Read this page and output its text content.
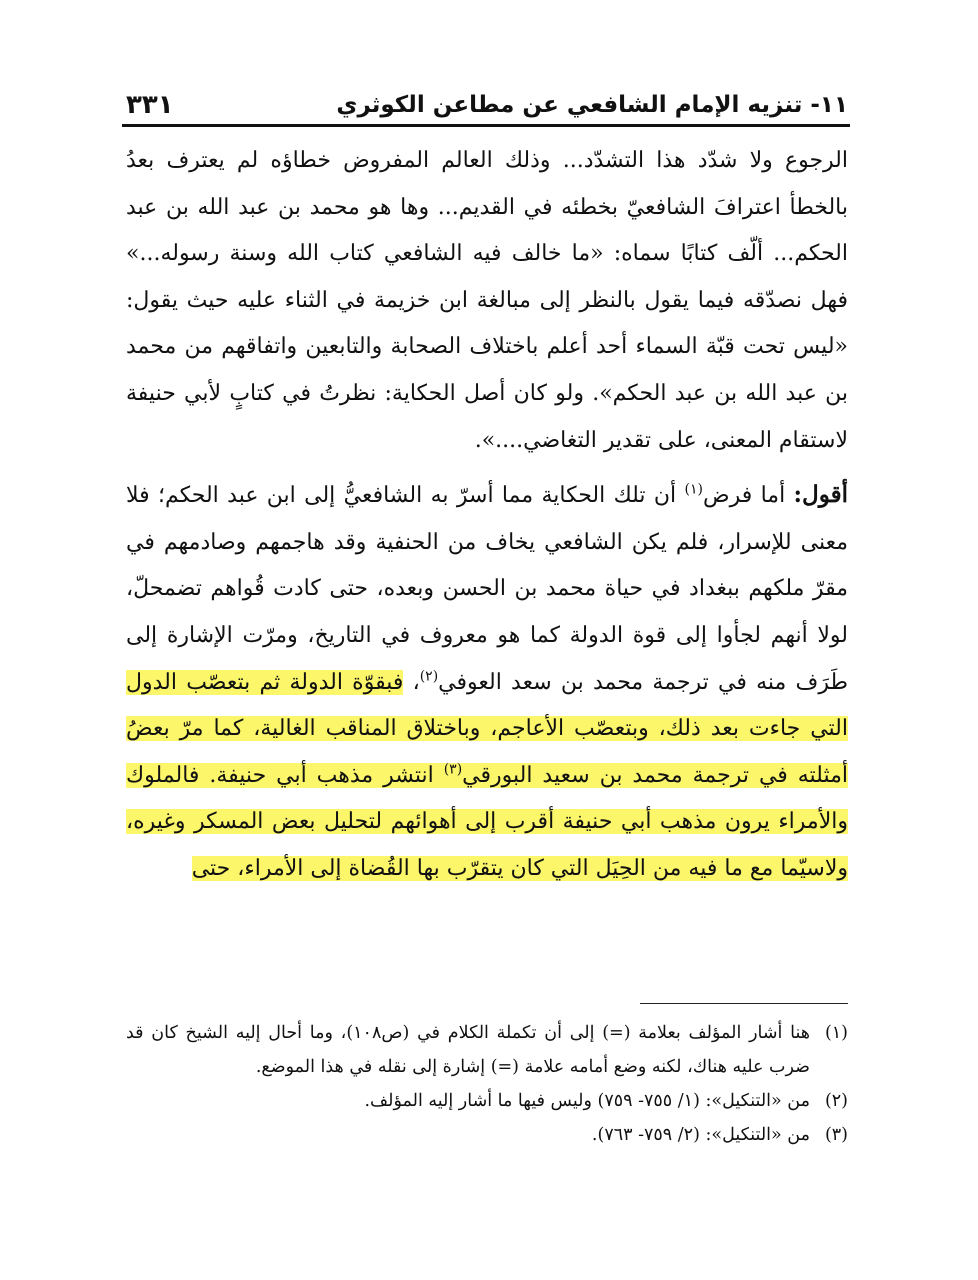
١١- تنزيه الإمام الشافعي عن مطاعن الكوثري
٣٣١

الرجوع ولا شدّد هذا التشدّد... وذلك العالم المفروض خطاؤه لم يعترف بعدُ بالخطأ اعترافَ الشافعيّ بخطئه في القديم... وها هو محمد بن عبد الله بن عبد الحكم... ألّف كتابًا سماه: «ما خالف فيه الشافعي كتاب الله وسنة رسوله...» فهل نصدّقه فيما يقول بالنظر إلى مبالغة ابن خزيمة في الثناء عليه حيث يقول: «ليس تحت قبّة السماء أحد أعلم باختلاف الصحابة والتابعين واتفاقهم من محمد بن عبد الله بن عبد الحكم». ولو كان أصل الحكاية: نظرتُ في كتابٍ لأبي حنيفة لاستقام المعنى، على تقدير التغاضي....».

أقول: أما فرض$^{(١)}$ أن تلك الحكاية مما أسرّ به الشافعيُّ إلى ابن عبد الحكم؛ فلا معنى للإسرار، فلم يكن الشافعي يخاف من الحنفية وقد هاجمهم وصادمهم في مقرّ ملكهم ببغداد في حياة محمد بن الحسن وبعده، حتى كادت قُواهم تضمحلّ، لولا أنهم لجأوا إلى قوة الدولة كما هو معروف في التاريخ، ومرّت الإشارة إلى طَرَف منه في ترجمة محمد بن سعد العوفي$^{(٢)}$، فبقوّة الدولة ثم بتعصّب الدول التي جاءت بعد ذلك، وبتعصّب الأعاجم، وباختلاق المناقب الغالية، كما مرّ بعضُ أمثلته في ترجمة محمد بن سعيد البورقي$^{(٣)}$ انتشر مذهب أبي حنيفة. فالملوك والأمراء يرون مذهب أبي حنيفة أقرب إلى أهوائهم لتحليل بعض المسكر وغيره، ولاسيّما مع ما فيه من الحِيَل التي كان يتقرّب بها القُضاة إلى الأمراء، حتى

(١)
هنا أشار المؤلف بعلامة (=) إلى أن تكملة الكلام في (ص١٠٨)، وما أحال إليه الشيخ كان قد ضرب عليه هناك، لكنه وضع أمامه علامة (=) إشارة إلى نقله في هذا الموضع.
(٢)
من «التنكيل»: (١/ ٧٥٥- ٧٥٩) وليس فيها ما أشار إليه المؤلف.
(٣)
من «التنكيل»: (٢/ ٧٥٩- ٧٦٣).
